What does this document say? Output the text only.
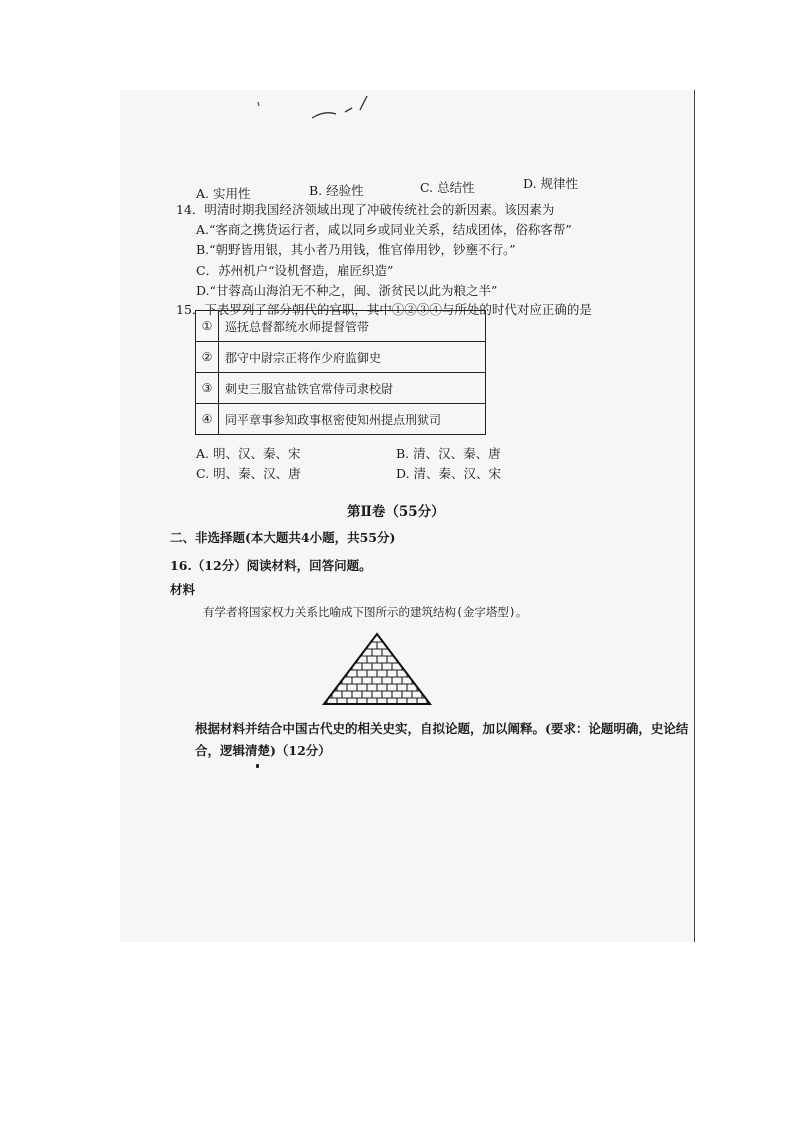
A. 实用性	B. 经验性	C. 总结性	D. 规律性
14．明清时期我国经济领域出现了冲破传统社会的新因素。该因素为
A.“客商之携货运行者，咸以同乡或同业关系，结成团体，俗称客帮”
B.“朝野皆用银，其小者乃用钱，惟官俸用钞，钞壅不行。”
C．苏州机户“设机督造，雇匠织造”
D.“甘蓉高山海泊无不种之，闽、浙贫民以此为粮之半”
15．下表罗列了部分朝代的官职，其中①②③④与所处的时代对应正确的是
①	巡抚总督都统水师提督管带
②	郡守中尉宗正将作少府监御史
③	刺史三服官盐铁官常侍司隶校尉
④	同平章事参知政事枢密使知州提点刑狱司
A. 明、汉、秦、宋	B. 清、汉、秦、唐
C. 明、秦、汉、唐	D. 清、秦、汉、宋
第Ⅱ卷（55分）
二、非选择题(本大题共4小题，共55分)
16.（12分）阅读材料，回答问题。
材料
有学者将国家权力关系比喻成下图所示的建筑结构(金字塔型)。
根据材料并结合中国古代史的相关史实，自拟论题，加以阐释。(要求：论题明确，史论结合，逻辑清楚)（12分）
